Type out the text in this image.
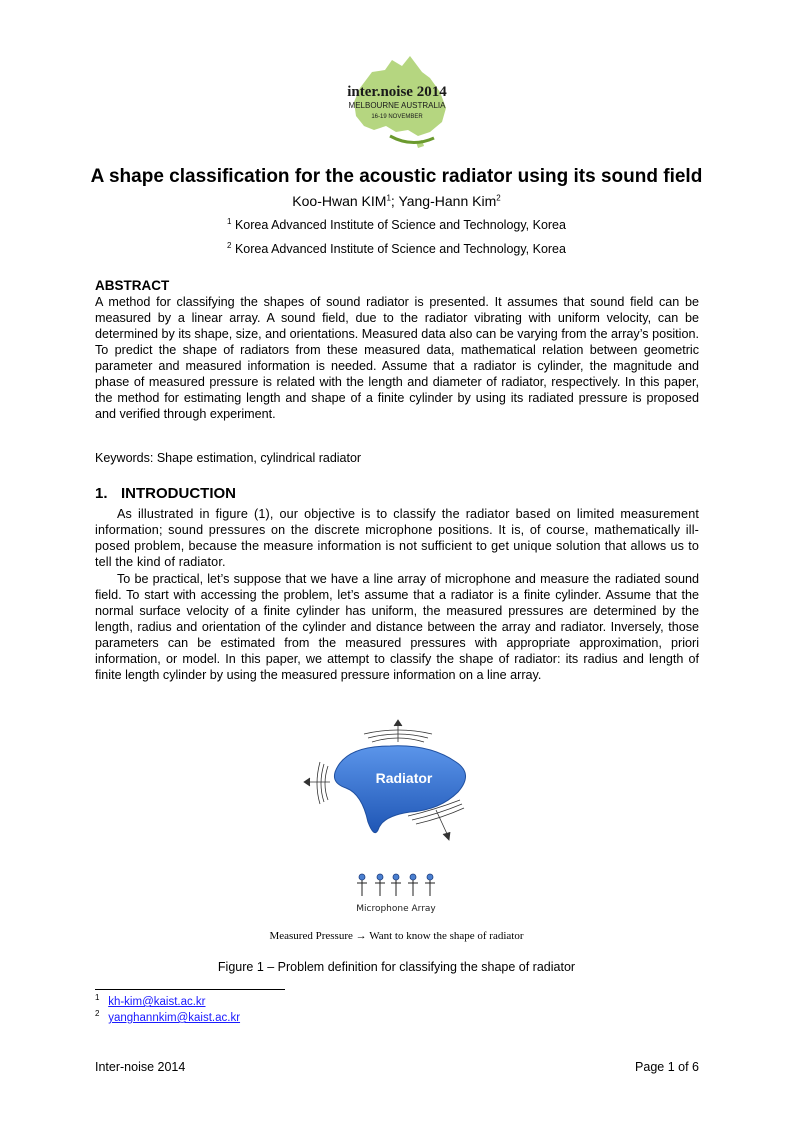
inter.noise 2014
MELBOURNE AUSTRALIA
16-19 NOVEMBER
A shape classification for the acoustic radiator using its sound field
Koo-Hwan KIM$^1$; Yang-Hann Kim$^2$
$^1$ Korea Advanced Institute of Science and Technology, Korea
$^2$ Korea Advanced Institute of Science and Technology, Korea
ABSTRACT

A method for classifying the shapes of sound radiator is presented. It assumes that sound field can be measured by a linear array. A sound field, due to the radiator vibrating with uniform velocity, can be determined by its shape, size, and orientations. Measured data also can be varying from the array’s position. To predict the shape of radiators from these measured data, mathematical relation between geometric parameter and measured information is needed. Assume that a radiator is cylinder, the magnitude and phase of measured pressure is related with the length and diameter of radiator, respectively. In this paper, the method for estimating length and shape of a finite cylinder by using its radiated pressure is proposed and verified through experiment.

Keywords: Shape estimation, cylindrical radiator
1. INTRODUCTION

As illustrated in figure (1), our objective is to classify the radiator based on limited measurement information; sound pressures on the discrete microphone positions. It is, of course, mathematically ill-posed problem, because the measure information is not sufficient to get unique solution that allows us to tell the kind of radiator.

To be practical, let’s suppose that we have a line array of microphone and measure the radiated sound field. To start with accessing the problem, let’s assume that a radiator is a finite cylinder. Assume that the normal surface velocity of a finite cylinder has uniform, the measured pressures are determined by the length, radius and orientation of the cylinder and distance between the array and radiator. Inversely, those parameters can be estimated from the measured pressures with appropriate approximation, priori information, or model. In this paper, we attempt to classify the shape of radiator: its radius and length of finite length cylinder by using the measured pressure information on a line array.

Radiator
Microphone Array
Measured Pressure → Want to know the shape of radiator
Figure 1 – Problem definition for classifying the shape of radiator
1 kh-kim@kaist.ac.kr
2 yanghannkim@kaist.ac.kr
Inter-noise 2014	Page 1 of 6
